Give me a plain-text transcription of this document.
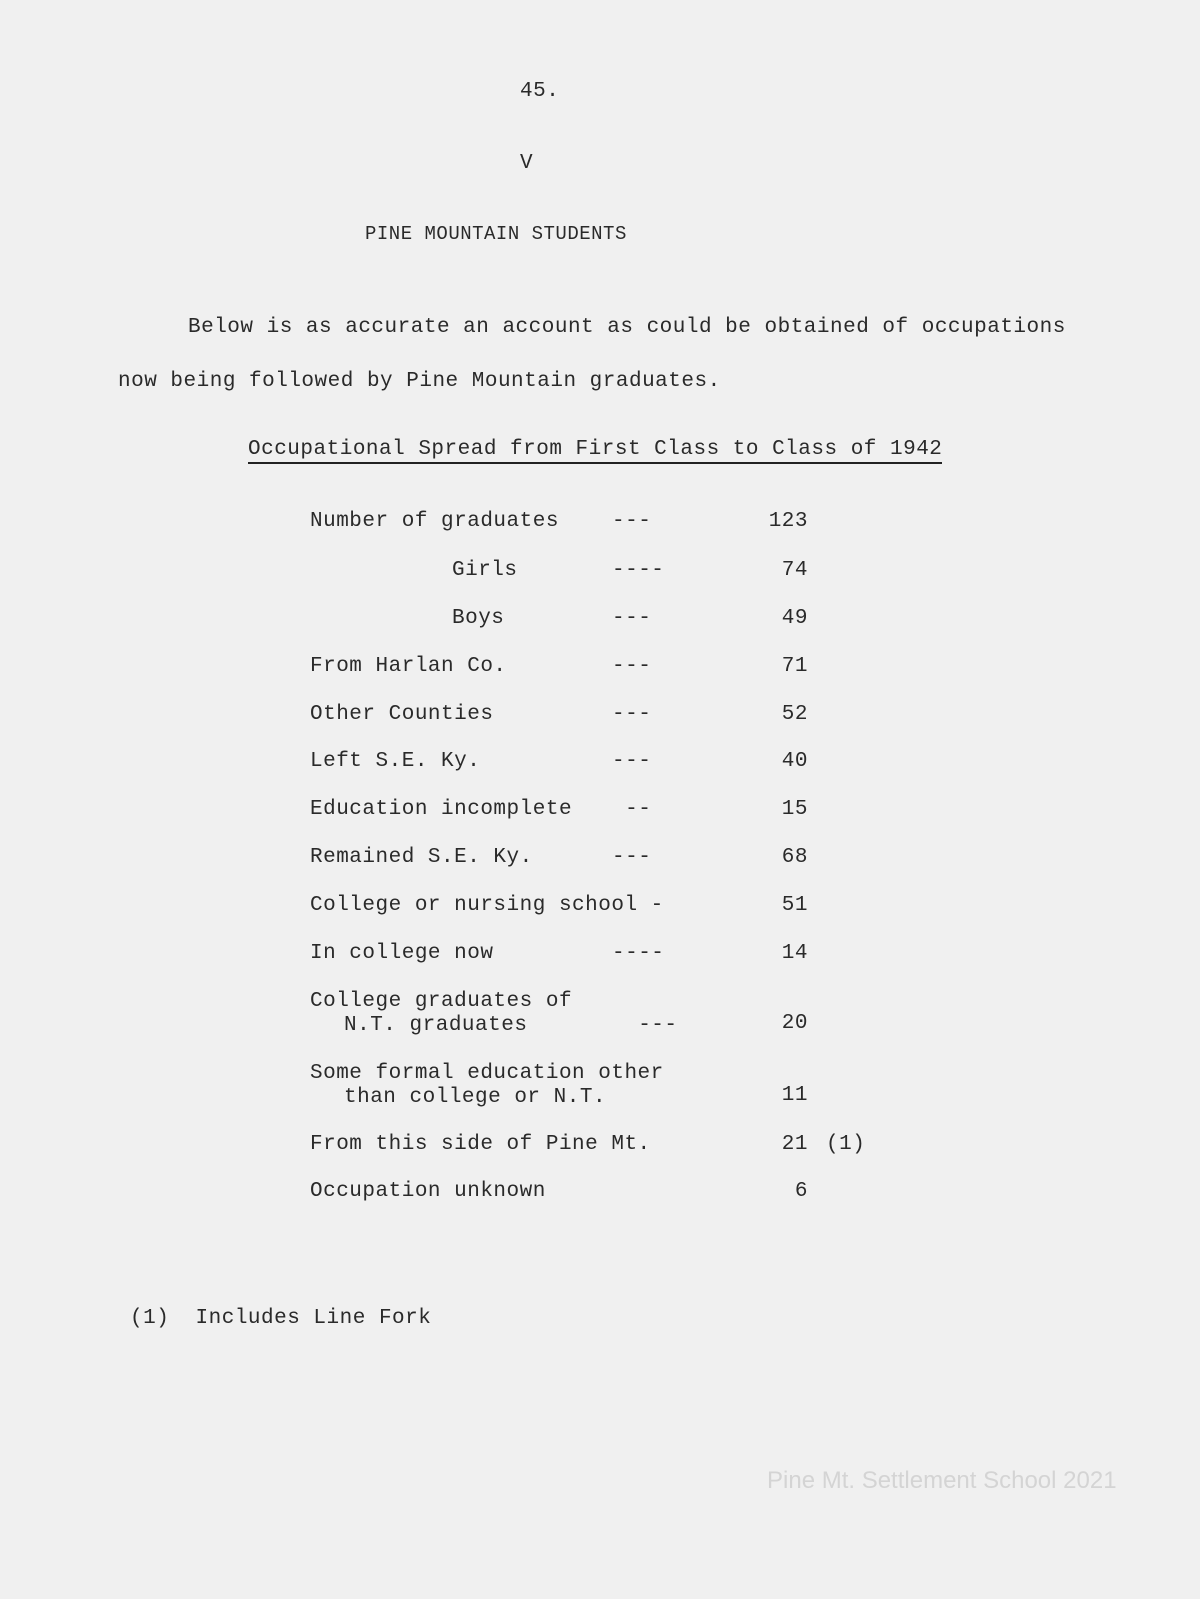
45.
V
PINE MOUNTAIN STUDENTS
Below is as accurate an account as could be obtained of occupations
now being followed by Pine Mountain graduates.
Occupational Spread from First Class to Class of 1942
Number of graduates	---	123
Girls	----	74
Boys	---	49
From Harlan Co.	---	71
Other Counties	---	52
Left S.E. Ky.	---	40
Education incomplete --	15
Remained S.E. Ky.	---	68
College or nursing school -	51
In college now	----	14
College graduates of
N.T. graduates	---	20
Some formal education other
than college or N.T.	11
From this side of Pine Mt.	21 (1)
Occupation unknown	6
(1)  Includes Line Fork
Pine Mt. Settlement School 2021
